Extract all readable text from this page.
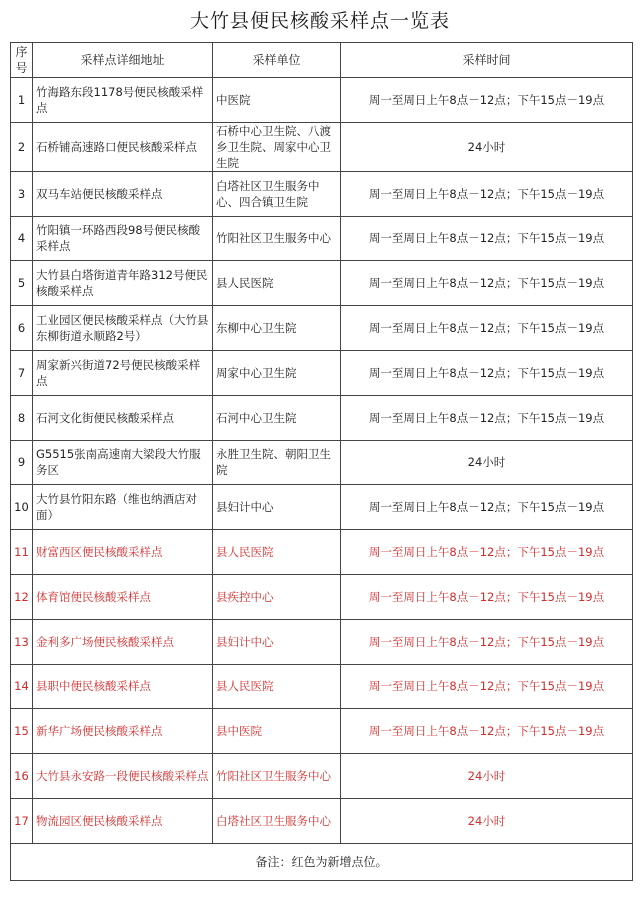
大竹县便民核酸采样点一览表
序号	采样点详细地址	采样单位	采样时间
1	竹海路东段1178号便民核酸采样点	中医院	周一至周日上午8点－12点；下午15点－19点
2	石桥铺高速路口便民核酸采样点	石桥中心卫生院、八渡乡卫生院、周家中心卫生院	24小时
3	双马车站便民核酸采样点	白塔社区卫生服务中心、四合镇卫生院	周一至周日上午8点－12点；下午15点－19点
4	竹阳镇一环路西段98号便民核酸采样点	竹阳社区卫生服务中心	周一至周日上午8点－12点；下午15点－19点
5	大竹县白塔街道青年路312号便民核酸采样点	县人民医院	周一至周日上午8点－12点；下午15点－19点
6	工业园区便民核酸采样点（大竹县东柳街道永顺路2号）	东柳中心卫生院	周一至周日上午8点－12点；下午15点－19点
7	周家新兴街道72号便民核酸采样点	周家中心卫生院	周一至周日上午8点－12点；下午15点－19点
8	石河文化街便民核酸采样点	石河中心卫生院	周一至周日上午8点－12点；下午15点－19点
9	G5515张南高速南大梁段大竹服务区	永胜卫生院、朝阳卫生院	24小时
10	大竹县竹阳东路（维也纳酒店对面）	县妇计中心	周一至周日上午8点－12点；下午15点－19点
11	财富西区便民核酸采样点	县人民医院	周一至周日上午8点－12点；下午15点－19点
12	体育馆便民核酸采样点	县疾控中心	周一至周日上午8点－12点；下午15点－19点
13	金利多广场便民核酸采样点	县妇计中心	周一至周日上午8点－12点；下午15点－19点
14	县职中便民核酸采样点	县人民医院	周一至周日上午8点－12点；下午15点－19点
15	新华广场便民核酸采样点	县中医院	周一至周日上午8点－12点；下午15点－19点
16	大竹县永安路一段便民核酸采样点	竹阳社区卫生服务中心	24小时
17	物流园区便民核酸采样点	白塔社区卫生服务中心	24小时
备注：红色为新增点位。			
